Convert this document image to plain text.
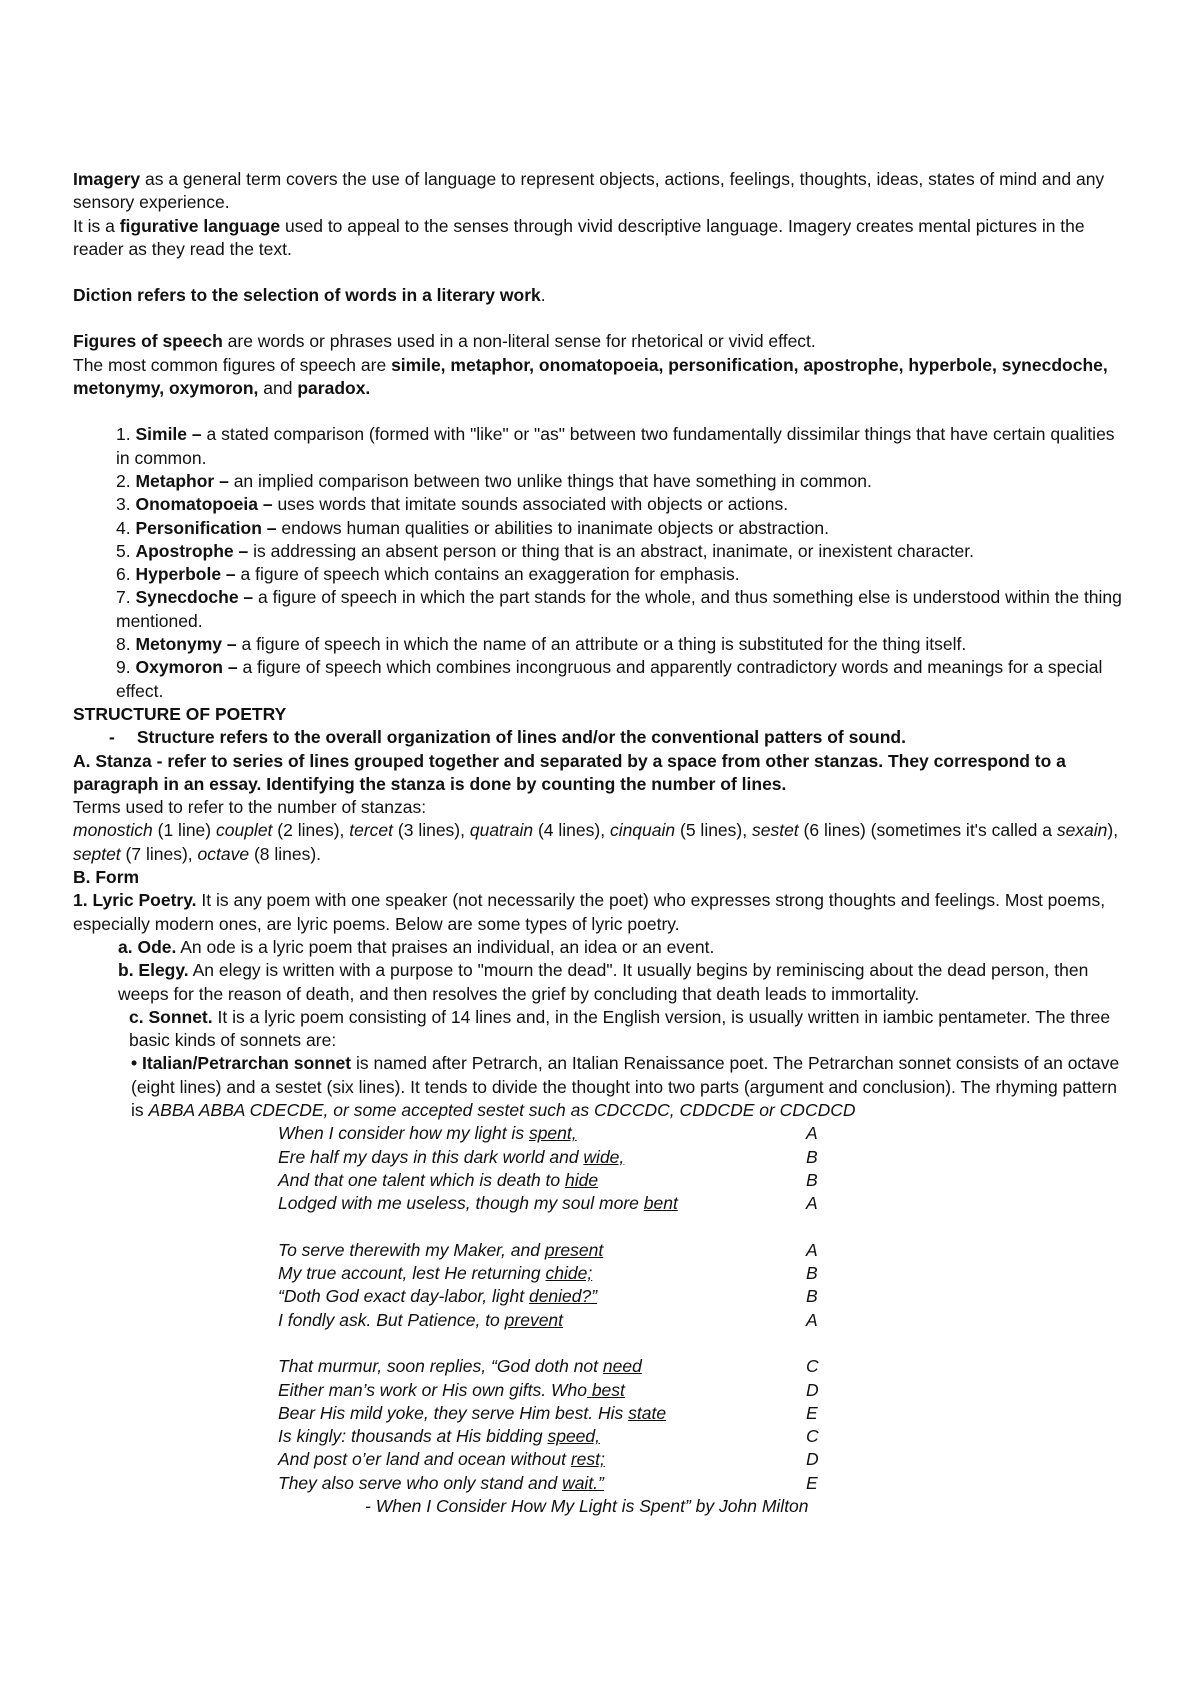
Imagery as a general term covers the use of language to represent objects, actions, feelings, thoughts, ideas, states of mind and any sensory experience.

It is a figurative language used to appeal to the senses through vivid descriptive language. Imagery creates mental pictures in the reader as they read the text.

Diction refers to the selection of words in a literary work.

Figures of speech are words or phrases used in a non-literal sense for rhetorical or vivid effect.

The most common figures of speech are simile, metaphor, onomatopoeia, personification, apostrophe, hyperbole, synecdoche, metonymy, oxymoron, and paradox.

1. Simile – a stated comparison (formed with "like" or "as" between two fundamentally dissimilar things that have certain qualities in common.

2. Metaphor – an implied comparison between two unlike things that have something in common.

3. Onomatopoeia – uses words that imitate sounds associated with objects or actions.

4. Personification – endows human qualities or abilities to inanimate objects or abstraction.

5. Apostrophe – is addressing an absent person or thing that is an abstract, inanimate, or inexistent character.

6. Hyperbole – a figure of speech which contains an exaggeration for emphasis.

7. Synecdoche – a figure of speech in which the part stands for the whole, and thus something else is understood within the thing mentioned.

8. Metonymy – a figure of speech in which the name of an attribute or a thing is substituted for the thing itself.

9. Oxymoron – a figure of speech which combines incongruous and apparently contradictory words and meanings for a special effect.

STRUCTURE OF POETRY

- Structure refers to the overall organization of lines and/or the conventional patters of sound.

A. Stanza - refer to series of lines grouped together and separated by a space from other stanzas. They correspond to a paragraph in an essay. Identifying the stanza is done by counting the number of lines.

Terms used to refer to the number of stanzas:

monostich (1 line) couplet (2 lines), tercet (3 lines), quatrain (4 lines), cinquain (5 lines), sestet (6 lines) (sometimes it's called a sexain), septet (7 lines), octave (8 lines).

B. Form

1. Lyric Poetry. It is any poem with one speaker (not necessarily the poet) who expresses strong thoughts and feelings. Most poems, especially modern ones, are lyric poems. Below are some types of lyric poetry.

a. Ode. An ode is a lyric poem that praises an individual, an idea or an event.

b. Elegy. An elegy is written with a purpose to "mourn the dead". It usually begins by reminiscing about the dead person, then weeps for the reason of death, and then resolves the grief by concluding that death leads to immortality.

c. Sonnet. It is a lyric poem consisting of 14 lines and, in the English version, is usually written in iambic pentameter. The three basic kinds of sonnets are:

• Italian/Petrarchan sonnet is named after Petrarch, an Italian Renaissance poet. The Petrarchan sonnet consists of an octave (eight lines) and a sestet (six lines). It tends to divide the thought into two parts (argument and conclusion). The rhyming pattern is ABBA ABBA CDECDE, or some accepted sestet such as CDCCDC, CDDCDE or CDCDCD

When I consider how my light is spent,	A
Ere half my days in this dark world and wide,	B
And that one talent which is death to hide	B
Lodged with me useless, though my soul more bent	A
To serve therewith my Maker, and present	A
My true account, lest He returning chide;	B
“Doth God exact day-labor, light denied?”	B
I fondly ask. But Patience, to prevent	A
That murmur, soon replies, “God doth not need	C
Either man’s work or His own gifts. Who best	D
Bear His mild yoke, they serve Him best. His state	E
Is kingly: thousands at His bidding speed,	C
And post o’er land and ocean without rest;	D
They also serve who only stand and wait.”	E

- When I Consider How My Light is Spent” by John Milton
